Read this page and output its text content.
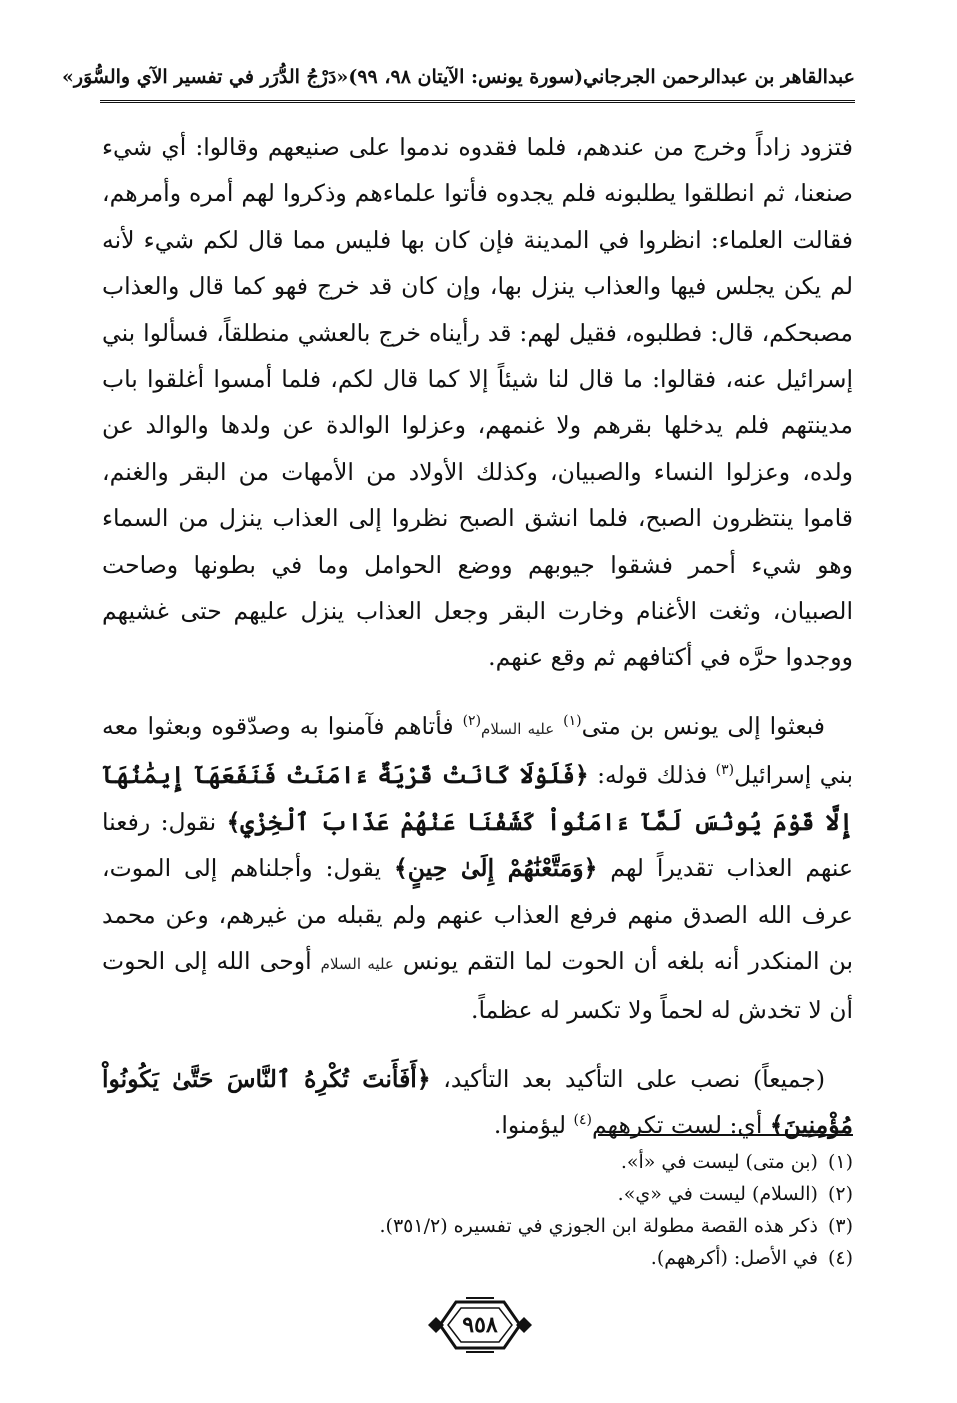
عبدالقاهر بن عبدالرحمن الجرجاني
(سورة يونس: الآيتان ٩٨، ٩٩)
«دَرْجُ الدُّرَر في تفسير الآي والسُّوَر»

فتزود زاداً وخرج من عندهم، فلما فقدوه ندموا على صنيعهم وقالوا: أي شيء صنعنا، ثم انطلقوا يطلبونه فلم يجدوه فأتوا علماءهم وذكروا لهم أمره وأمرهم، فقالت العلماء: انظروا في المدينة فإن كان بها فليس مما قال لكم شيء لأنه لم يكن يجلس فيها والعذاب ينزل بها، وإن كان قد خرج فهو كما قال والعذاب مصبحكم، قال: فطلبوه، فقيل لهم: قد رأيناه خرج بالعشي منطلقاً، فسألوا بني إسرائيل عنه، فقالوا: ما قال لنا شيئاً إلا كما قال لكم، فلما أمسوا أغلقوا باب مدينتهم فلم يدخلها بقرهم ولا غنمهم، وعزلوا الوالدة عن ولدها والوالد عن ولده، وعزلوا النساء والصبيان، وكذلك الأولاد من الأمهات من البقر والغنم، قاموا ينتظرون الصبح، فلما انشق الصبح نظروا إلى العذاب ينزل من السماء وهو شيء أحمر فشقوا جيوبهم ووضع الحوامل وما في بطونها وصاحت الصبيان، وثغت الأغنام وخارت البقر وجعل العذاب ينزل عليهم حتى غشيهم ووجدوا حرَّه في أكتافهم ثم وقع عنهم.

فبعثوا إلى يونس بن متى$^{(١)}$ عليه السلام$^{(٢)}$ فأتاهم فآمنوا به وصدّقوه وبعثوا معه بني إسرائيل$^{(٣)}$ فذلك قوله: ﴿فَلَوْلَا كَانَتْ قَرْيَةٌ ءَامَنَتْ فَنَفَعَهَآ إِيمَٰنُهَآ إِلَّا قَوْمَ يُونُسَ لَمَّآ ءَامَنُواْ كَشَفْنَا عَنْهُمْ عَذَابَ ٱلْخِزْيِ﴾ نقول: رفعنا عنهم العذاب تقديراً لهم ﴿وَمَتَّعْنَٰهُمْ إِلَىٰ حِينٍ﴾ يقول: وأجلناهم إلى الموت، عرف الله الصدق منهم فرفع العذاب عنهم ولم يقبله من غيرهم، وعن محمد بن المنكدر أنه بلغه أن الحوت لما التقم يونس عليه السلام أوحى الله إلى الحوت أن لا تخدش له لحماً ولا تكسر له عظماً.

(جميعاً) نصب على التأكيد بعد التأكيد، ﴿أَفَأَنتَ تُكْرِهُ ٱلنَّاسَ حَتَّىٰ يَكُونُواْ مُؤْمِنِينَ﴾ أي: لست تكرههم$^{(٤)}$ ليؤمنوا.

(١)(بن متى) ليست في «أ».
(٢)(السلام) ليست في «ي».
(٣)ذكر هذه القصة مطولة ابن الجوزي في تفسيره (٣٥١/٢).
(٤)في الأصل: (أكرههم).
٩٥٨
